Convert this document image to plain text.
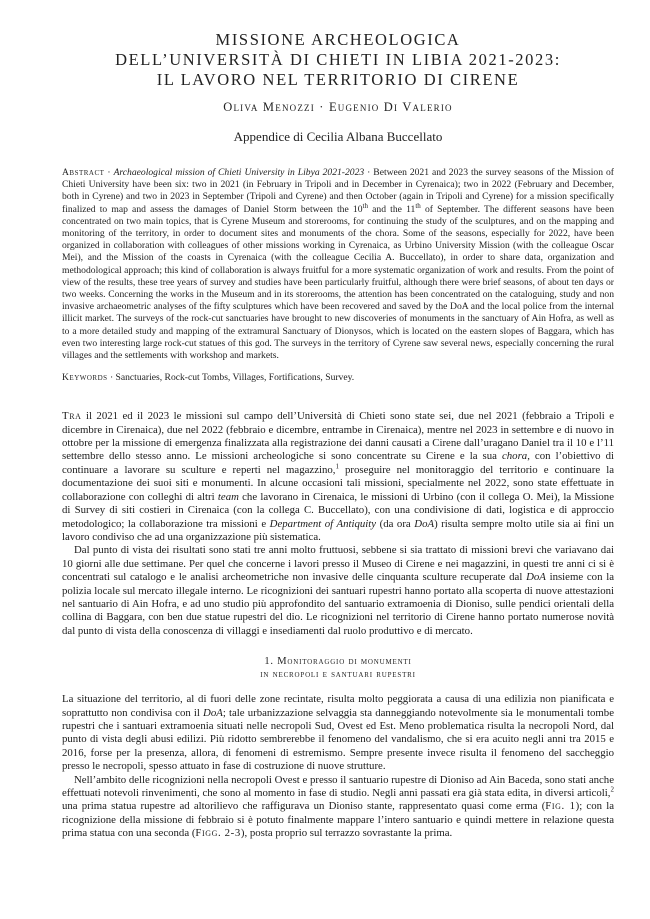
MISSIONE ARCHEOLOGICA
DELL’UNIVERSITÀ DI CHIETI IN LIBIA 2021-2023:
IL LAVORO NEL TERRITORIO DI CIRENE
Oliva Menozzi · Eugenio Di Valerio
Appendice di Cecilia Albana Buccellato
Abstract · Archaeological mission of Chieti University in Libya 2021-2023 · Between 2021 and 2023 the survey seasons of the Mission of Chieti University have been six: two in 2021 (in February in Tripoli and in December in Cyrenaica); two in 2022 (February and December, both in Cyrene) and two in 2023 in September (Tripoli and Cyrene) and then October (again in Tripoli and Cyrene) for a mission specifically finalized to map and assess the damages of Daniel Storm between the 10th and the 11th of September. The different seasons have been concentrated on two main topics, that is Cyrene Museum and storerooms, for continuing the study of the sculptures, and on the mapping and monitoring of the territory, in order to document sites and monuments of the chora. Some of the seasons, especially for 2022, have been organized in collaboration with colleagues of other missions working in Cyrenaica, as Urbino University Mission (with the colleague Oscar Mei), and the Mission of the coasts in Cyrenaica (with the colleague Cecilia A. Buccellato), in order to share data, organization and methodological approach; this kind of collaboration is always fruitful for a more systematic organization of work and results. From the point of view of the results, these tree years of survey and studies have been particularly fruitful, although there were brief seasons, of about ten days or two weeks. Concerning the works in the Museum and in its storerooms, the attention has been concentrated on the cataloguing, study and non invasive archaeometric analyses of the fifty sculptures which have been recovered and saved by the DoA and the local police from the internal illicit market. The surveys of the rock-cut sanctuaries have brought to new discoveries of monuments in the sanctuary of Ain Hofra, as well as to a more detailed study and mapping of the extramural Sanctuary of Dionysos, which is located on the eastern slopes of Baggara, which has even two interesting large rock-cut statues of this god. The surveys in the territory of Cyrene saw several news, especially concerning the rural villages and the settlements with workshop and markets.
Keywords · Sanctuaries, Rock-cut Tombs, Villages, Fortifications, Survey.

Tra il 2021 ed il 2023 le missioni sul campo dell’Università di Chieti sono state sei, due nel 2021 (febbraio a Tripoli e dicembre in Cirenaica), due nel 2022 (febbraio e dicembre, entrambe in Cirenaica), mentre nel 2023 in settembre e di nuovo in ottobre per la missione di emergenza finalizzata alla registrazione dei danni causati a Cirene dall’uragano Daniel tra il 10 e l’11 settembre dello stesso anno. Le missioni archeologiche si sono concentrate su Cirene e la sua chora, con l’obiettivo di continuare a lavorare su sculture e reperti nel magazzino,$^1$ proseguire nel monitoraggio del territorio e continuare la documentazione dei suoi siti e monumenti. In alcune occasioni tali missioni, specialmente nel 2022, sono state effettuate in collaborazione con colleghi di altri team che lavorano in Cirenaica, le missioni di Urbino (con il collega O. Mei), la Missione di Survey di siti costieri in Cirenaica (con la collega C. Buccellato), con una condivisione di dati, logistica e di approccio metodologico; la collaborazione tra missioni e Department of Antiquity (da ora DoA) risulta sempre molto utile sia ai fini un lavoro condiviso che ad una organizzazione più sistematica.

Dal punto di vista dei risultati sono stati tre anni molto fruttuosi, sebbene si sia trattato di missioni brevi che variavano dai 10 giorni alle due settimane. Per quel che concerne i lavori presso il Museo di Cirene e nei magazzini, in questi tre anni ci si è concentrati sul catalogo e le analisi archeometriche non invasive delle cinquanta sculture recuperate dal DoA insieme con la polizia locale sul mercato illegale interno. Le ricognizioni dei santuari rupestri hanno portato alla scoperta di nuove attestazioni nel santuario di Ain Hofra, e ad uno studio più approfondito del santuario extramoenia di Dioniso, sulle pendici orientali della collina di Baggara, con ben due statue rupestri del dio. Le ricognizioni nel territorio di Cirene hanno portato numerose novità dal punto di vista della conoscenza di villaggi e insediamenti dal ruolo produttivo e di mercato.

1. Monitoraggio di monumenti
in necropoli e santuari rupestri

La situazione del territorio, al di fuori delle zone recintate, risulta molto peggiorata a causa di una edilizia non pianificata e soprattutto non condivisa con il DoA; tale urbanizzazione selvaggia sta danneggiando notevolmente sia le monumentali tombe rupestri che i santuari extramoenia situati nelle necropoli Sud, Ovest ed Est. Meno problematica risulta la necropoli Nord, dal punto di vista degli abusi edilizi. Più ridotto sembrerebbe il fenomeno del vandalismo, che si era acuito negli anni tra 2015 e 2016, forse per la presenza, allora, di fenomeni di estremismo. Sempre presente invece risulta il fenomeno del saccheggio presso le necropoli, spesso attuato in fase di costruzione di nuove strutture.

Nell’ambito delle ricognizioni nella necropoli Ovest e presso il santuario rupestre di Dioniso ad Ain Baceda, sono stati anche effettuati notevoli rinvenimenti, che sono al momento in fase di studio. Negli anni passati era già stata edita, in diversi articoli,$^2$ una prima statua rupestre ad altorilievo che raffigurava un Dioniso stante, rappresentato quasi come erma (Fig. 1); con la ricognizione della missione di febbraio si è potuto finalmente mappare l’intero santuario e quindi mettere in relazione questa prima statua con una seconda (Figg. 2-3), posta proprio sul terrazzo sovrastante la prima.
